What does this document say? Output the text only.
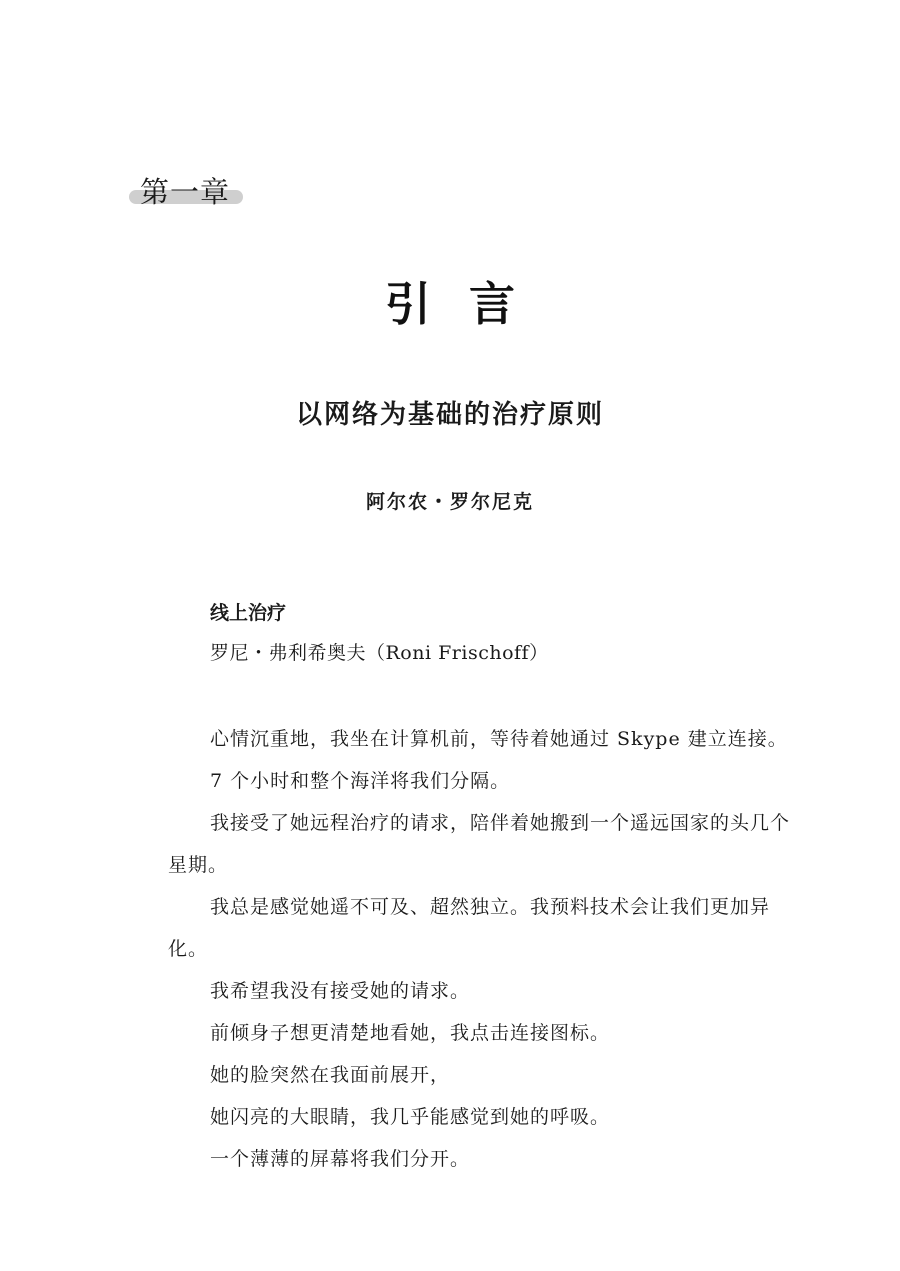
第一章
引言
以网络为基础的治疗原则
阿尔农・罗尔尼克
线上治疗
罗尼・弗利希奥夫（Roni Frischoff）

心情沉重地，我坐在计算机前，等待着她通过 Skype 建立连接。

7 个小时和整个海洋将我们分隔。

我接受了她远程治疗的请求，陪伴着她搬到一个遥远国家的头几个星期。

我总是感觉她遥不可及、超然独立。我预料技术会让我们更加异化。

我希望我没有接受她的请求。

前倾身子想更清楚地看她，我点击连接图标。

她的脸突然在我面前展开，

她闪亮的大眼睛，我几乎能感觉到她的呼吸。

一个薄薄的屏幕将我们分开。
